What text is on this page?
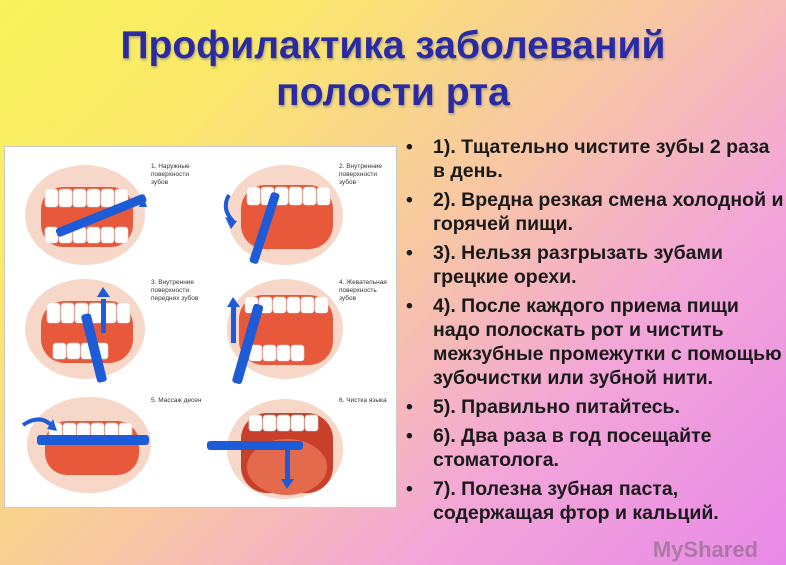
Профилактика заболеваний
полости рта
1. Наружные поверхности зубов
2. Внутренние поверхности зубов
3. Внутренние поверхности передних зубов
4. Жевательная поверхность зубов
5. Массаж десен	6. Чистка языка
• 1). Тщательно чистите зубы 2 раза в день.
• 2). Вредна резкая смена холодной и горячей пищи.
• 3). Нельзя разгрызать зубами грецкие орехи.
• 4). После каждого приема пищи надо полоскать рот и чистить межзубные промежутки с помощью зубочистки или зубной нити.
• 5). Правильно питайтесь.
• 6). Два раза в год посещайте стоматолога.
• 7). Полезна зубная паста, содержащая фтор и кальций.
MyShared
